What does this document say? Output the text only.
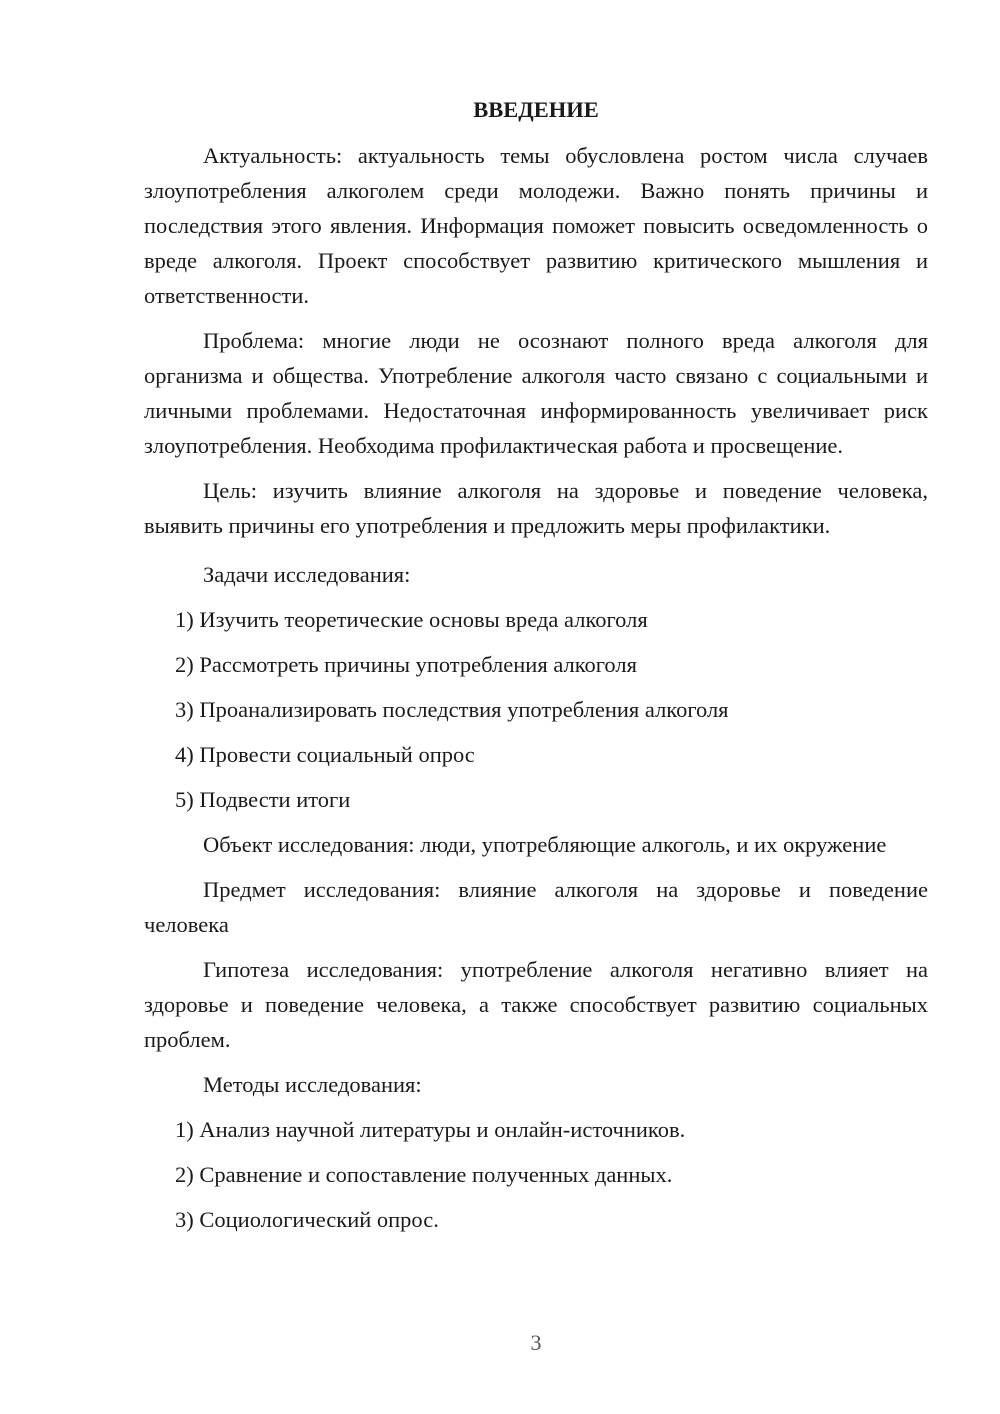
ВВЕДЕНИЕ

Актуальность: актуальность темы обусловлена ростом числа случаев злоупотребления алкоголем среди молодежи. Важно понять причины и последствия этого явления. Информация поможет повысить осведомленность о вреде алкоголя. Проект способствует развитию критического мышления и ответственности.

Проблема: многие люди не осознают полного вреда алкоголя для организма и общества. Употребление алкоголя часто связано с социальными и личными проблемами. Недостаточная информированность увеличивает риск злоупотребления. Необходима профилактическая работа и просвещение.

Цель: изучить влияние алкоголя на здоровье и поведение человека, выявить причины его употребления и предложить меры профилактики.

Задачи исследования:

1) Изучить теоретические основы вреда алкоголя
2) Рассмотреть причины употребления алкоголя
3) Проанализировать последствия употребления алкоголя
4) Провести социальный опрос
5) Подвести итоги

Объект исследования: люди, употребляющие алкоголь, и их окружение

Предмет исследования: влияние алкоголя на здоровье и поведение человека

Гипотеза исследования: употребление алкоголя негативно влияет на здоровье и поведение человека, а также способствует развитию социальных проблем.

Методы исследования:

1) Анализ научной литературы и онлайн-источников.
2) Сравнение и сопоставление полученных данных.
3) Социологический опрос.
3
